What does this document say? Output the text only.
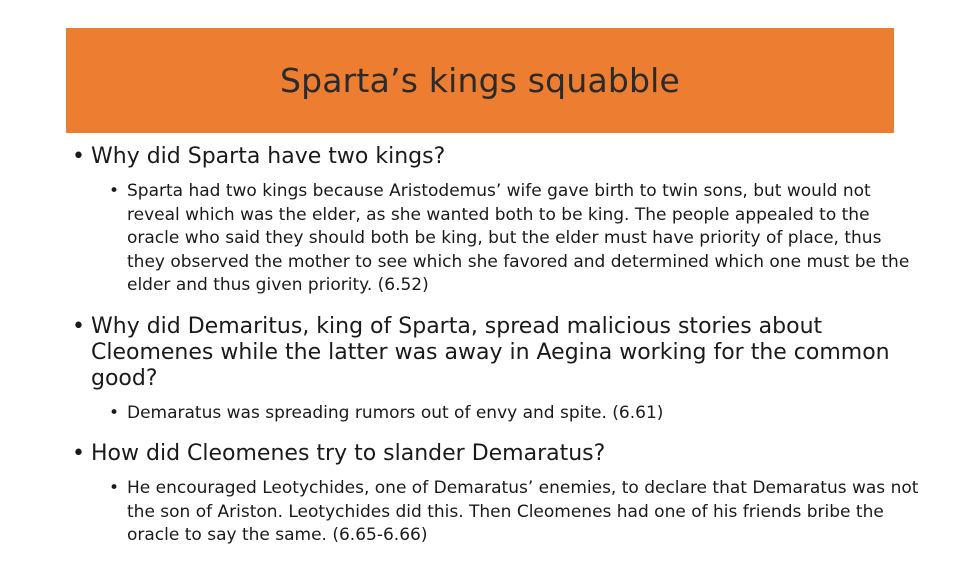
Sparta’s kings squabble
• Why did Sparta have two kings?
• Sparta had two kings because Aristodemus’ wife gave birth to twin sons, but would not reveal which was the elder, as she wanted both to be king. The people appealed to the oracle who said they should both be king, but the elder must have priority of place, thus they observed the mother to see which she favored and determined which one must be the elder and thus given priority. (6.52)
• Why did Demaritus, king of Sparta, spread malicious stories about Cleomenes while the latter was away in Aegina working for the common good?
• Demaratus was spreading rumors out of envy and spite. (6.61)
• How did Cleomenes try to slander Demaratus?
• He encouraged Leotychides, one of Demaratus’ enemies, to declare that Demaratus was not the son of Ariston. Leotychides did this. Then Cleomenes had one of his friends bribe the oracle to say the same. (6.65-6.66)
